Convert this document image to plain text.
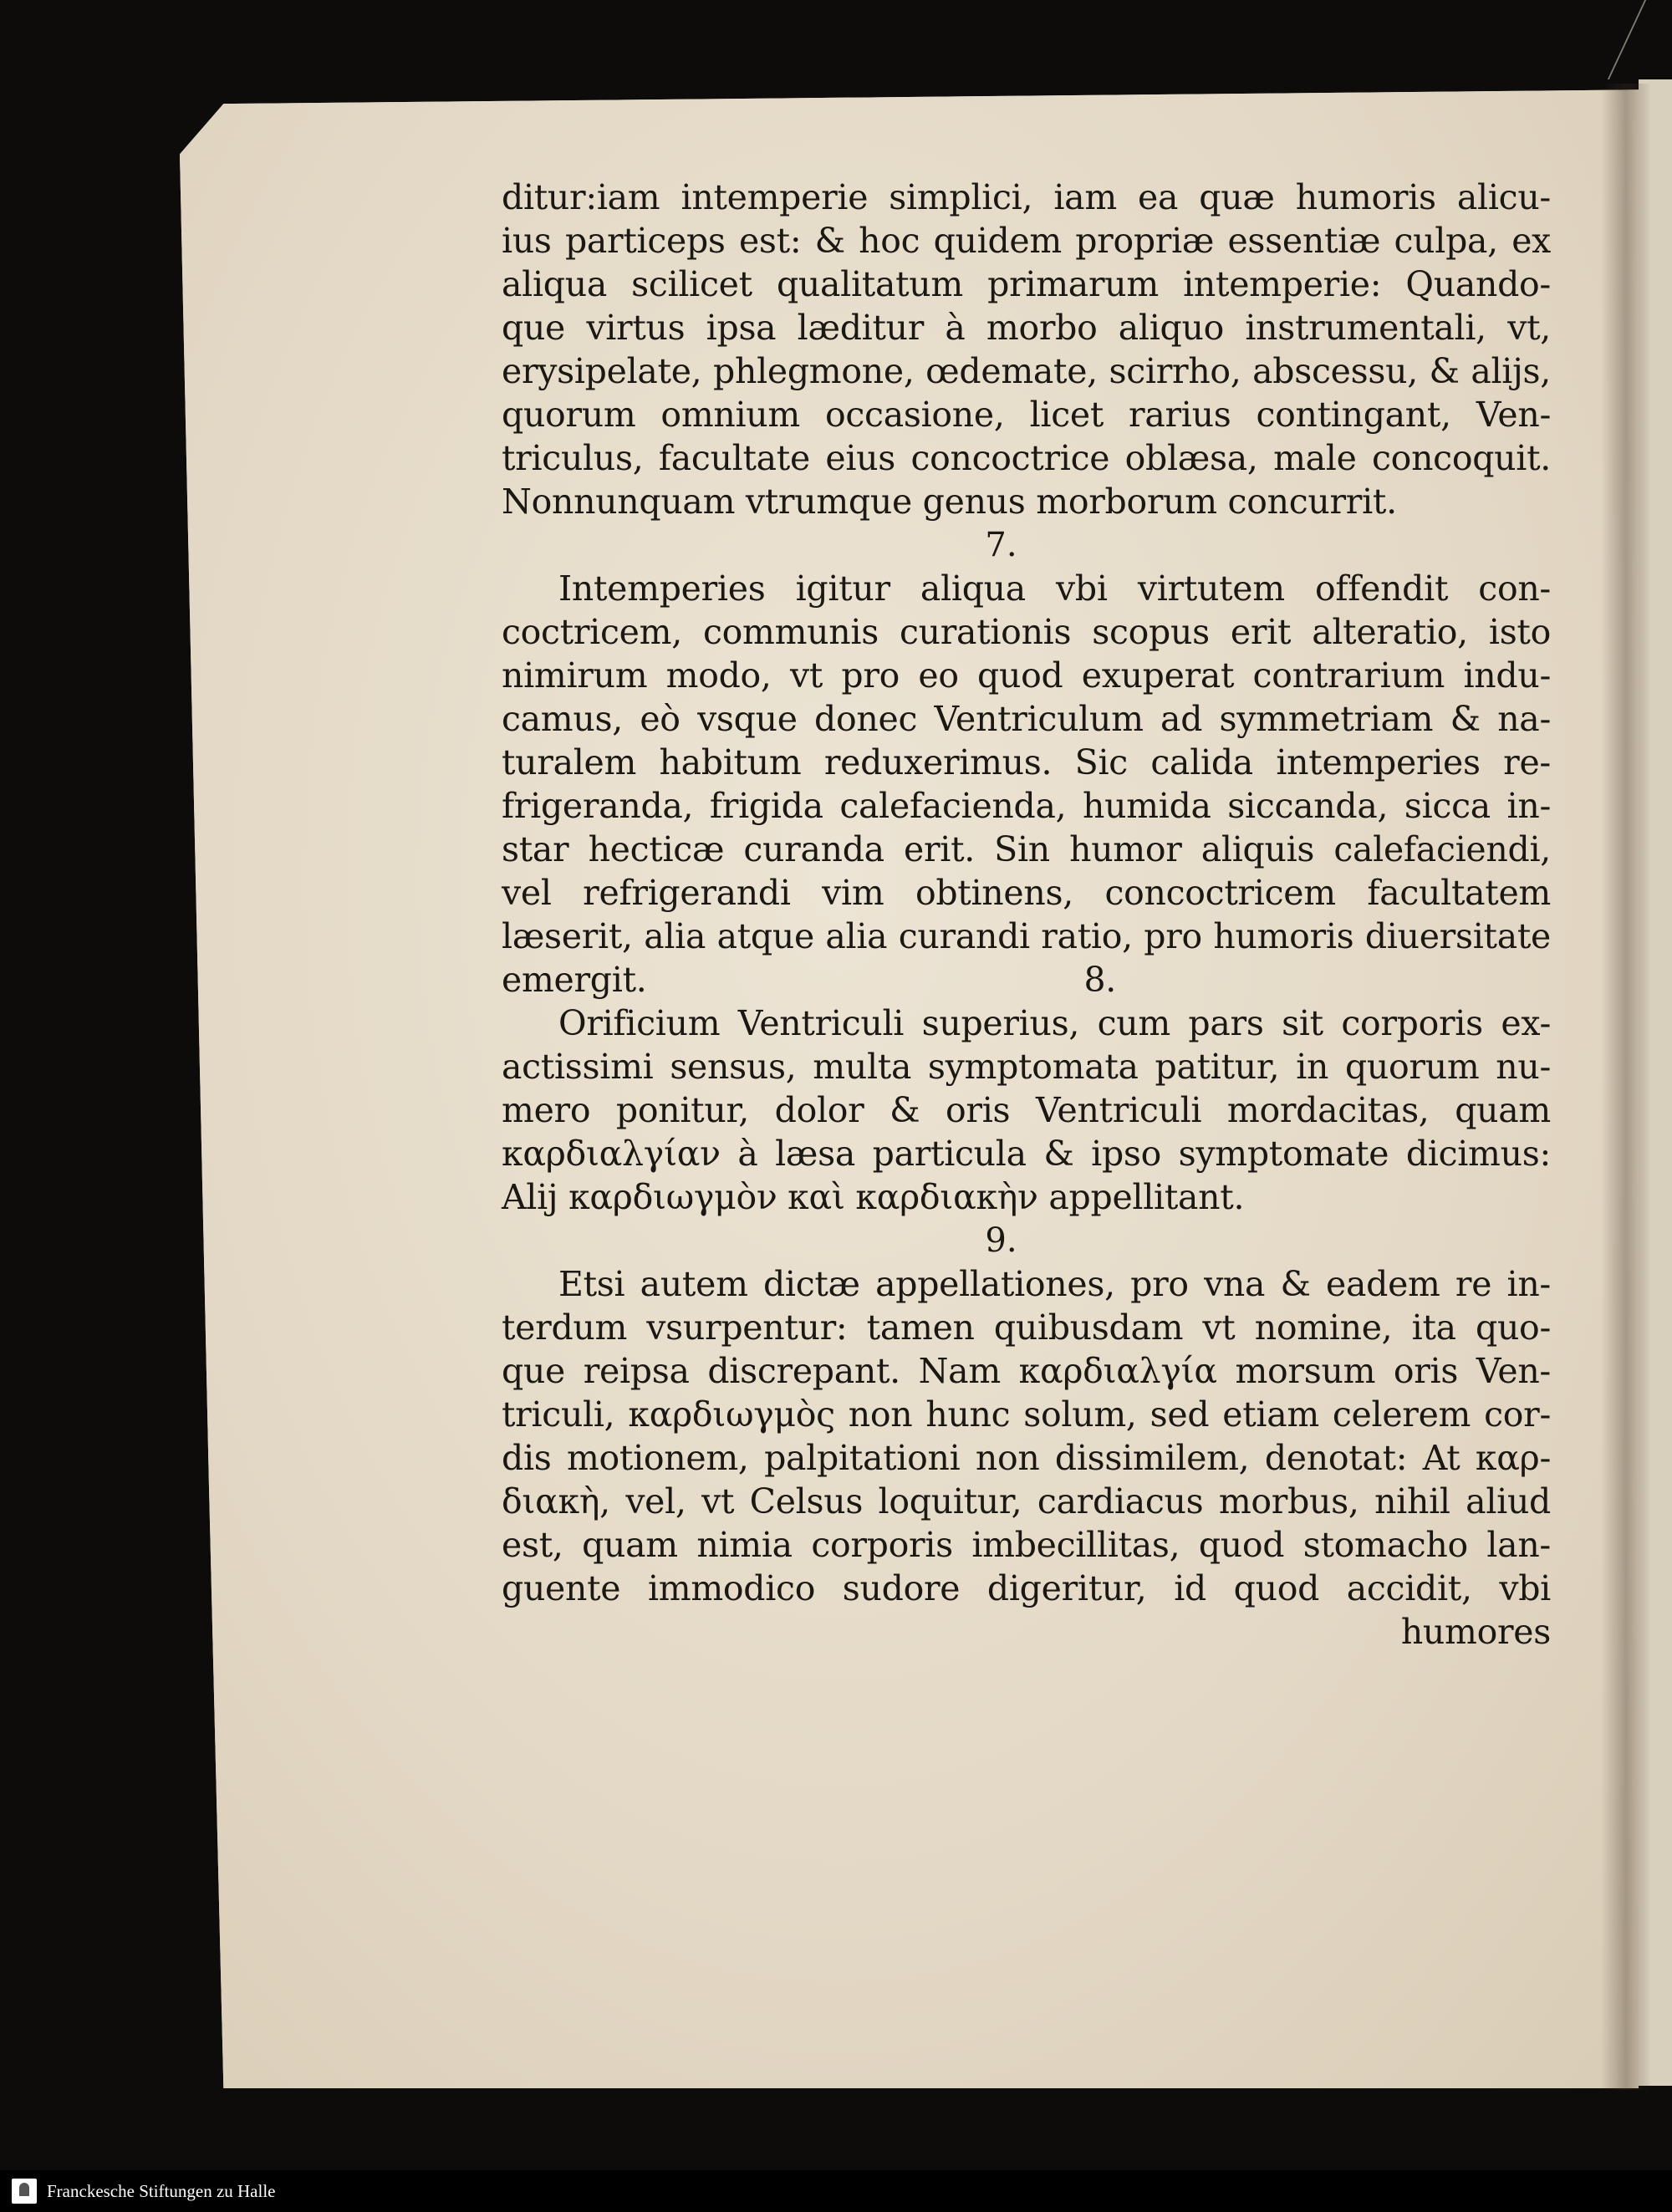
ditur:iam intemperie simplici, iam ea quæ humoris alicu-
ius particeps est: & hoc quidem propriæ essentiæ culpa, ex
aliqua scilicet qualitatum primarum intemperie: Quando-
que virtus ipsa læditur à morbo aliquo instrumentali, vt,
erysipelate, phlegmone, œdemate, scirrho, abscessu, & alijs,
quorum omnium occasione, licet rarius contingant, Ven-
triculus, facultate eius concoctrice oblæsa, male concoquit.
Nonnunquam vtrumque genus morborum concurrit.
7.
Intemperies igitur aliqua vbi virtutem offendit con-
coctricem, communis curationis scopus erit alteratio, isto
nimirum modo, vt pro eo quod exuperat contrarium indu-
camus, eò vsque donec Ventriculum ad symmetriam & na-
turalem habitum reduxerimus. Sic calida intemperies re-
frigeranda, frigida calefacienda, humida siccanda, sicca in-
star hecticæ curanda erit. Sin humor aliquis calefaciendi,
vel refrigerandi vim obtinens, concoctricem facultatem
læserit, alia atque alia curandi ratio, pro humoris diuersitate
emergit.	8.
Orificium Ventriculi superius, cum pars sit corporis ex-
actissimi sensus, multa symptomata patitur, in quorum nu-
mero ponitur, dolor & oris Ventriculi mordacitas, quam
καρδιαλγίαν à læsa particula & ipso symptomate dicimus:
Alij καρδιωγμὸν καὶ καρδιακὴν appellitant.
9.
Etsi autem dictæ appellationes, pro vna & eadem re in-
terdum vsurpentur: tamen quibusdam vt nomine, ita quo-
que reipsa discrepant. Nam καρδιαλγία morsum oris Ven-
triculi, καρδιωγμὸς non hunc solum, sed etiam celerem cor-
dis motionem, palpitationi non dissimilem, denotat: At καρ-
διακὴ, vel, vt Celsus loquitur, cardiacus morbus, nihil aliud
est, quam nimia corporis imbecillitas, quod stomacho lan-
guente immodico sudore digeritur, id quod accidit, vbi
humores
Franckesche Stiftungen zu Halle
